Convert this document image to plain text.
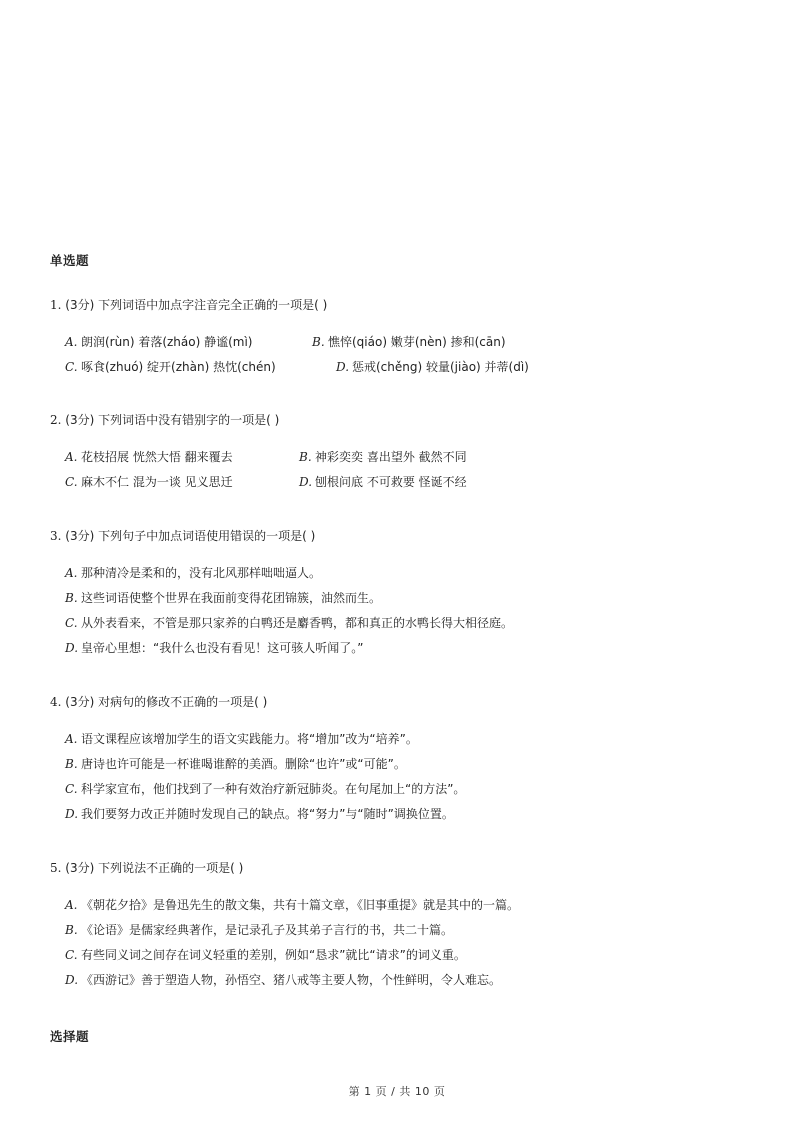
单选题
1. (3分) 下列词语中加点字注音完全正确的一项是( )
A. 朗润(rùn) 着落(zháo) 静谧(mì)	B. 憔悴(qiáo) 嫩芽(nèn) 掺和(cān)
C. 啄食(zhuó) 绽开(zhàn) 热忱(chén)	D. 惩戒(chěng) 较量(jiào) 并蒂(dì)
2. (3分) 下列词语中没有错别字的一项是( )
A. 花枝招展 恍然大悟 翻来覆去	B. 神彩奕奕 喜出望外 截然不同
C. 麻木不仁 混为一谈 见义思迁	D. 刨根问底 不可救要 怪诞不经
3. (3分) 下列句子中加点词语使用错误的一项是( )
A. 那种清冷是柔和的，没有北风那样咄咄逼人。
B. 这些词语使整个世界在我面前变得花团锦簇，油然而生。
C. 从外表看来，不管是那只家养的白鸭还是麝香鸭，都和真正的水鸭长得大相径庭。
D. 皇帝心里想：“我什么也没有看见！这可骇人听闻了。”
4. (3分) 对病句的修改不正确的一项是( )
A. 语文课程应该增加学生的语文实践能力。将“增加”改为“培养”。
B. 唐诗也许可能是一杯谁喝谁醉的美酒。删除“也许”或“可能”。
C. 科学家宣布，他们找到了一种有效治疗新冠肺炎。在句尾加上“的方法”。
D. 我们要努力改正并随时发现自己的缺点。将“努力”与“随时”调换位置。
5. (3分) 下列说法不正确的一项是( )
A. 《朝花夕拾》是鲁迅先生的散文集，共有十篇文章，《旧事重提》就是其中的一篇。
B. 《论语》是儒家经典著作，是记录孔子及其弟子言行的书，共二十篇。
C. 有些同义词之间存在词义轻重的差别，例如“恳求”就比“请求”的词义重。
D. 《西游记》善于塑造人物，孙悟空、猪八戒等主要人物，个性鲜明，令人难忘。
选择题
第 1 页 / 共 10 页
